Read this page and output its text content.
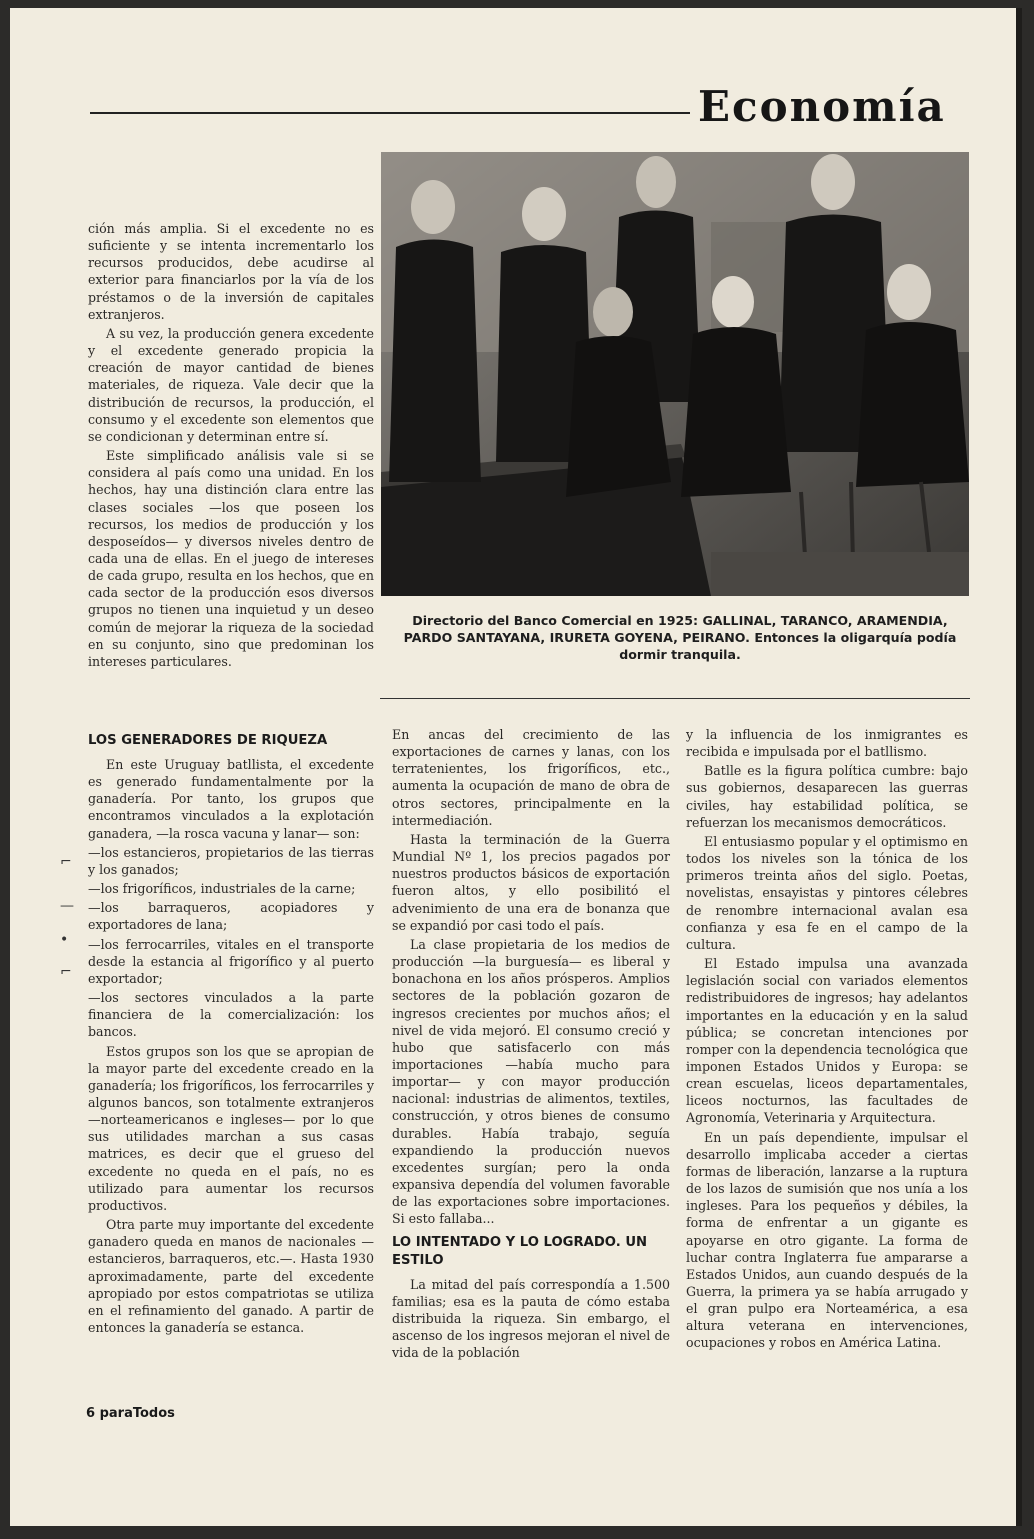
Economía
Directorio del Banco Comercial en 1925: GALLINAL, TARANCO, ARAMENDIA, PARDO SANTAYANA, IRURETA GOYENA, PEIRANO. Entonces la oligarquía podía dormir tranquila.

ción más amplia. Si el excedente no es suficiente y se intenta incrementarlo los recursos producidos, debe acudirse al exterior para financiarlos por la vía de los préstamos o de la inversión de capitales extranjeros.

A su vez, la producción genera excedente y el excedente generado propicia la creación de mayor cantidad de bienes materiales, de riqueza. Vale decir que la distribución de recursos, la producción, el consumo y el excedente son elementos que se condicionan y determinan entre sí.

Este simplificado análisis vale si se considera al país como una unidad. En los hechos, hay una distinción clara entre las clases sociales —los que poseen los recursos, los medios de producción y los desposeídos— y diversos niveles dentro de cada una de ellas. En el juego de intereses de cada grupo, resulta en los hechos, que en cada sector de la producción esos diversos grupos no tienen una inquietud y un deseo común de mejorar la riqueza de la sociedad en su conjunto, sino que predominan los intereses particulares.

LOS GENERADORES DE RIQUEZA

En este Uruguay batllista, el excedente es generado fundamentalmente por la ganadería. Por tanto, los grupos que encontramos vinculados a la explotación ganadera, —la rosca vacuna y lanar— son:

—los estancieros, propietarios de las tierras y los ganados;

—los frigoríficos, industriales de la carne;

—los barraqueros, acopiadores y exportadores de lana;

—los ferrocarriles, vitales en el transporte desde la estancia al frigorífico y al puerto exportador;

—los sectores vinculados a la parte financiera de la comercialización: los bancos.

Estos grupos son los que se apropian de la mayor parte del excedente creado en la ganadería; los frigoríficos, los ferrocarriles y algunos bancos, son totalmente extranjeros —norteamericanos e ingleses— por lo que sus utilidades marchan a sus casas matrices, es decir que el grueso del excedente no queda en el país, no es utilizado para aumentar los recursos productivos.

Otra parte muy importante del excedente ganadero queda en manos de nacionales —estancieros, barraqueros, etc.—. Hasta 1930 aproximadamente, parte del excedente apropiado por estos compatriotas se utiliza en el refinamiento del ganado. A partir de entonces la ganadería se estanca.

En ancas del crecimiento de las exportaciones de carnes y lanas, con los terratenientes, los frigoríficos, etc., aumenta la ocupación de mano de obra de otros sectores, principalmente en la intermediación.

Hasta la terminación de la Guerra Mundial Nº 1, los precios pagados por nuestros productos básicos de exportación fueron altos, y ello posibilitó el advenimiento de una era de bonanza que se expandió por casi todo el país.

La clase propietaria de los medios de producción —la burguesía— es liberal y bonachona en los años prósperos. Amplios sectores de la población gozaron de ingresos crecientes por muchos años; el nivel de vida mejoró. El consumo creció y hubo que satisfacerlo con más importaciones —había mucho para importar— y con mayor producción nacional: industrias de alimentos, textiles, construcción, y otros bienes de consumo durables. Había trabajo, seguía expandiendo la producción nuevos excedentes surgían; pero la onda expansiva dependía del volumen favorable de las exportaciones sobre importaciones. Si esto fallaba...

LO INTENTADO Y LO LOGRADO. UN ESTILO

La mitad del país correspondía a 1.500 familias; esa es la pauta de cómo estaba distribuida la riqueza. Sin embargo, el ascenso de los ingresos mejoran el nivel de vida de la población

y la influencia de los inmigrantes es recibida e impulsada por el batllismo.

Batlle es la figura política cumbre: bajo sus gobiernos, desaparecen las guerras civiles, hay estabilidad política, se refuerzan los mecanismos democráticos.

El entusiasmo popular y el optimismo en todos los niveles son la tónica de los primeros treinta años del siglo. Poetas, novelistas, ensayistas y pintores célebres de renombre internacional avalan esa confianza y esa fe en el campo de la cultura.

El Estado impulsa una avanzada legislación social con variados elementos redistribuidores de ingresos; hay adelantos importantes en la educación y en la salud pública; se concretan intenciones por romper con la dependencia tecnológica que imponen Estados Unidos y Europa: se crean escuelas, liceos departamentales, liceos nocturnos, las facultades de Agronomía, Veterinaria y Arquitectura.

En un país dependiente, impulsar el desarrollo implicaba acceder a ciertas formas de liberación, lanzarse a la ruptura de los lazos de sumisión que nos unía a los ingleses. Para los pequeños y débiles, la forma de enfrentar a un gigante es apoyarse en otro gigante. La forma de luchar contra Inglaterra fue ampararse a Estados Unidos, aun cuando después de la Guerra, la primera ya se había arrugado y el gran pulpo era Norteamérica, a esa altura veterana en intervenciones, ocupaciones y robos en América Latina.

⌐
—
•
⌐
6 paraTodos
